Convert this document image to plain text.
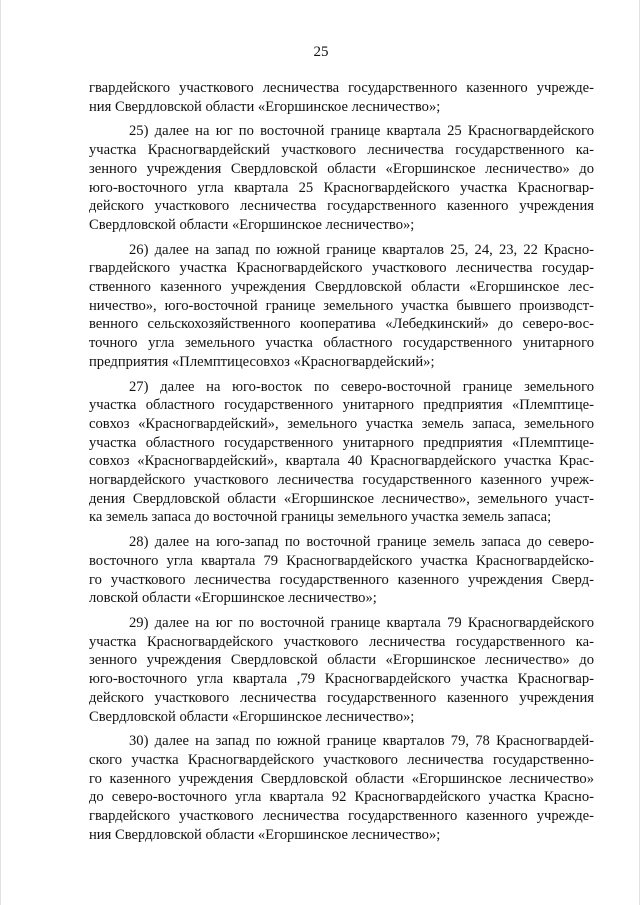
25

гвардейского участкового лесничества государственного казенного учрежде-
ния Свердловской области «Егоршинское лесничество»;

25) далее на юг по восточной границе квартала 25 Красногвардейского
участка Красногвардейский участкового лесничества государственного ка-
зенного учреждения Свердловской области «Егоршинское лесничество» до
юго-восточного угла квартала 25 Красногвардейского участка Красногвар-
дейского участкового лесничества государственного казенного учреждения
Свердловской области «Егоршинское лесничество»;

26) далее на запад по южной границе кварталов 25, 24, 23, 22 Красно-
гвардейского участка Красногвардейского участкового лесничества государ-
ственного казенного учреждения Свердловской области «Егоршинское лес-
ничество», юго-восточной границе земельного участка бывшего производст-
венного сельскохозяйственного кооператива «Лебедкинский» до северо-вос-
точного угла земельного участка областного государственного унитарного
предприятия «Племптицесовхоз «Красногвардейский»;

27) далее на юго-восток по северо-восточной границе земельного
участка областного государственного унитарного предприятия «Племптице-
совхоз «Красногвардейский», земельного участка земель запаса, земельного
участка областного государственного унитарного предприятия «Племптице-
совхоз «Красногвардейский», квартала 40 Красногвардейского участка Крас-
ногвардейского участкового лесничества государственного казенного учреж-
дения Свердловской области «Егоршинское лесничество», земельного участ-
ка земель запаса до восточной границы земельного участка земель запаса;

28) далее на юго-запад по восточной границе земель запаса до северо-
восточного угла квартала 79 Красногвардейского участка Красногвардейско-
го участкового лесничества государственного казенного учреждения Сверд-
ловской области «Егоршинское лесничество»;

29) далее на юг по восточной границе квартала 79 Красногвардейского
участка Красногвардейского участкового лесничества государственного ка-
зенного учреждения Свердловской области «Егоршинское лесничество» до
юго-восточного угла квартала ,79 Красногвардейского участка Красногвар-
дейского участкового лесничества государственного казенного учреждения
Свердловской области «Егоршинское лесничество»;

30) далее на запад по южной границе кварталов 79, 78 Красногвардей-
ского участка Красногвардейского участкового лесничества государственно-
го казенного учреждения Свердловской области «Егоршинское лесничество»
до северо-восточного угла квартала 92 Красногвардейского участка Красно-
гвардейского участкового лесничества государственного казенного учрежде-
ния Свердловской области «Егоршинское лесничество»;
